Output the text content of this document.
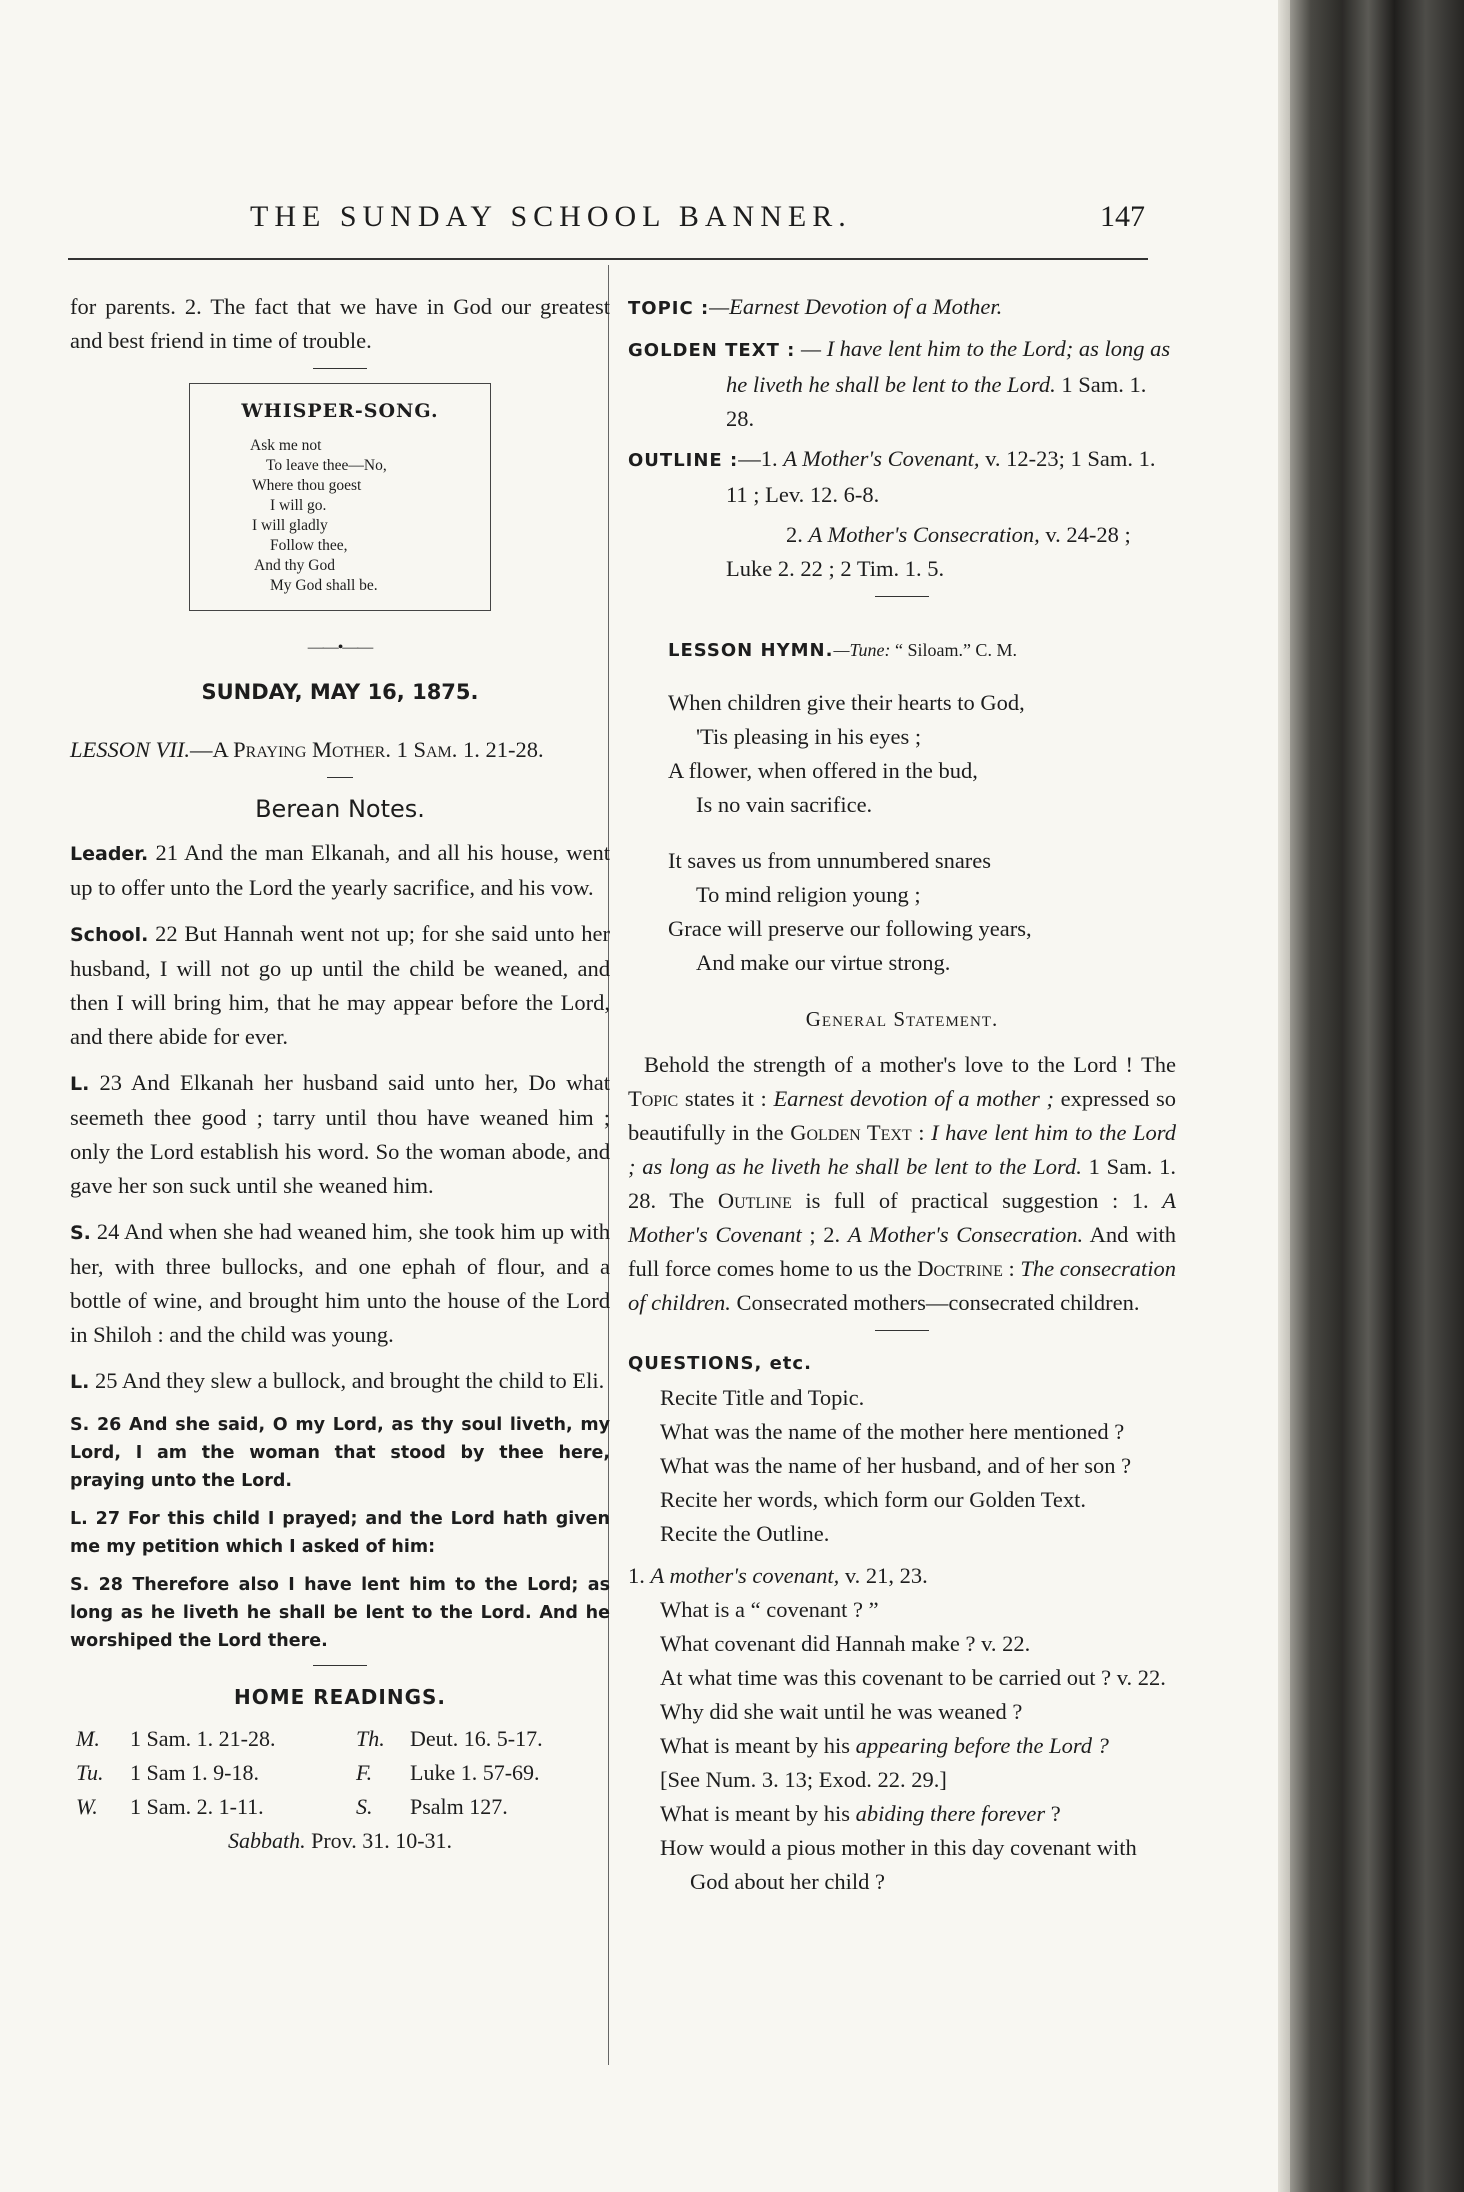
THE SUNDAY SCHOOL BANNER.	147

for parents. 2. The fact that we have in God our greatest and best friend in time of trouble.

WHISPER-SONG.
Ask me not
To leave thee—No,
Where thou goest
I will go.
I will gladly
Follow thee,
And thy God
My God shall be.
——•——
SUNDAY, MAY 16, 1875.

LESSON VII.—A Praying Mother. 1 Sam. 1. 21-28.

Berean Notes.

Leader. 21 And the man Elkanah, and all his house, went up to offer unto the Lord the yearly sacrifice, and his vow.

School. 22 But Hannah went not up; for she said unto her husband, I will not go up until the child be weaned, and then I will bring him, that he may appear before the Lord, and there abide for ever.

L. 23 And Elkanah her husband said unto her, Do what seemeth thee good ; tarry until thou have weaned him ; only the Lord establish his word. So the woman abode, and gave her son suck until she weaned him.

S. 24 And when she had weaned him, she took him up with her, with three bullocks, and one ephah of flour, and a bottle of wine, and brought him unto the house of the Lord in Shiloh : and the child was young.

L. 25 And they slew a bullock, and brought the child to Eli.

S. 26 And she said, O my Lord, as thy soul liveth, my Lord, I am the woman that stood by thee here, praying unto the Lord.

L. 27 For this child I prayed; and the Lord hath given me my petition which I asked of him:

S. 28 Therefore also I have lent him to the Lord; as long as he liveth he shall be lent to the Lord. And he worshiped the Lord there.

HOME READINGS.
M.	1 Sam. 1. 21-28.	Th.	Deut. 16. 5-17.
Tu.	1 Sam 1. 9-18.	F.	Luke 1. 57-69.
W.	1 Sam. 2. 1-11.	S.	Psalm 127.
Sabbath. Prov. 31. 10-31.

TOPIC :—Earnest Devotion of a Mother.

GOLDEN TEXT : — I have lent him to the Lord; as long as he liveth he shall be lent to the Lord. 1 Sam. 1. 28.

OUTLINE :—1. A Mother's Covenant, v. 12-23; 1 Sam. 1. 11 ; Lev. 12. 6-8.

2. A Mother's Consecration, v. 24-28 ; Luke 2. 22 ; 2 Tim. 1. 5.

LESSON HYMN.—Tune: “ Siloam.” C. M.

When children give their hearts to God,
'Tis pleasing in his eyes ;
A flower, when offered in the bud,
Is no vain sacrifice.
It saves us from unnumbered snares
To mind religion young ;
Grace will preserve our following years,
And make our virtue strong.
General Statement.

Behold the strength of a mother's love to the Lord ! The Topic states it : Earnest devotion of a mother ; expressed so beautifully in the Golden Text : I have lent him to the Lord ; as long as he liveth he shall be lent to the Lord. 1 Sam. 1. 28. The Outline is full of practical suggestion : 1. A Mother's Covenant ; 2. A Mother's Consecration. And with full force comes home to us the Doctrine : The consecration of children. Consecrated mothers—consecrated children.

QUESTIONS, etc.

Recite Title and Topic.

What was the name of the mother here mentioned ?

What was the name of her husband, and of her son ?

Recite her words, which form our Golden Text.

Recite the Outline.

1. A mother's covenant, v. 21, 23.

What is a “ covenant ? ”

What covenant did Hannah make ? v. 22.

At what time was this covenant to be carried out ? v. 22.

Why did she wait until he was weaned ?

What is meant by his appearing before the Lord ?

[See Num. 3. 13; Exod. 22. 29.]

What is meant by his abiding there forever ?

How would a pious mother in this day covenant with God about her child ?
